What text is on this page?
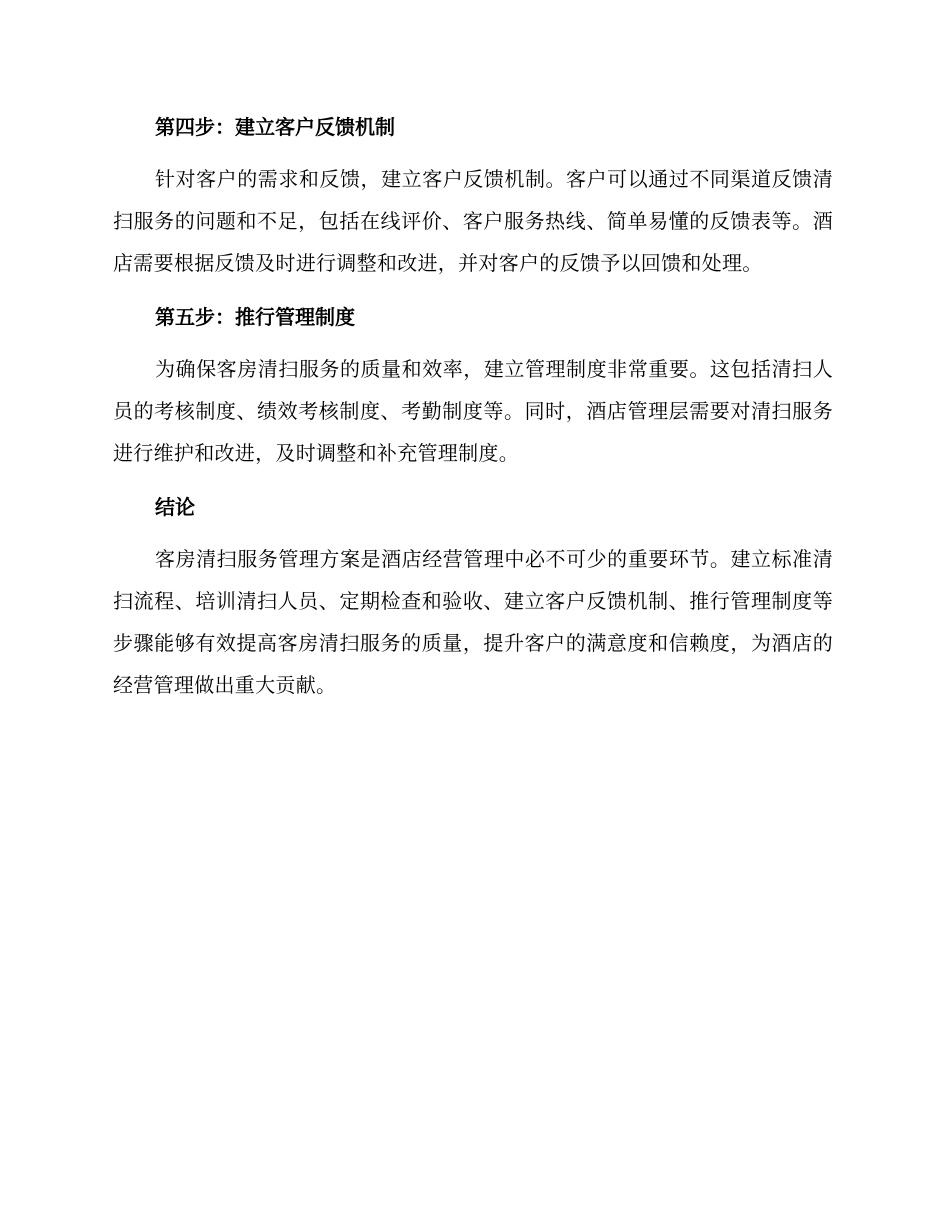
第四步：建立客户反馈机制

针对客户的需求和反馈，建立客户反馈机制。客户可以通过不同渠道反馈清扫服务的问题和不足，包括在线评价、客户服务热线、简单易懂的反馈表等。酒店需要根据反馈及时进行调整和改进，并对客户的反馈予以回馈和处理。

第五步：推行管理制度

为确保客房清扫服务的质量和效率，建立管理制度非常重要。这包括清扫人员的考核制度、绩效考核制度、考勤制度等。同时，酒店管理层需要对清扫服务进行维护和改进，及时调整和补充管理制度。

结论

客房清扫服务管理方案是酒店经营管理中必不可少的重要环节。建立标准清扫流程、培训清扫人员、定期检查和验收、建立客户反馈机制、推行管理制度等步骤能够有效提高客房清扫服务的质量，提升客户的满意度和信赖度，为酒店的经营管理做出重大贡献。
